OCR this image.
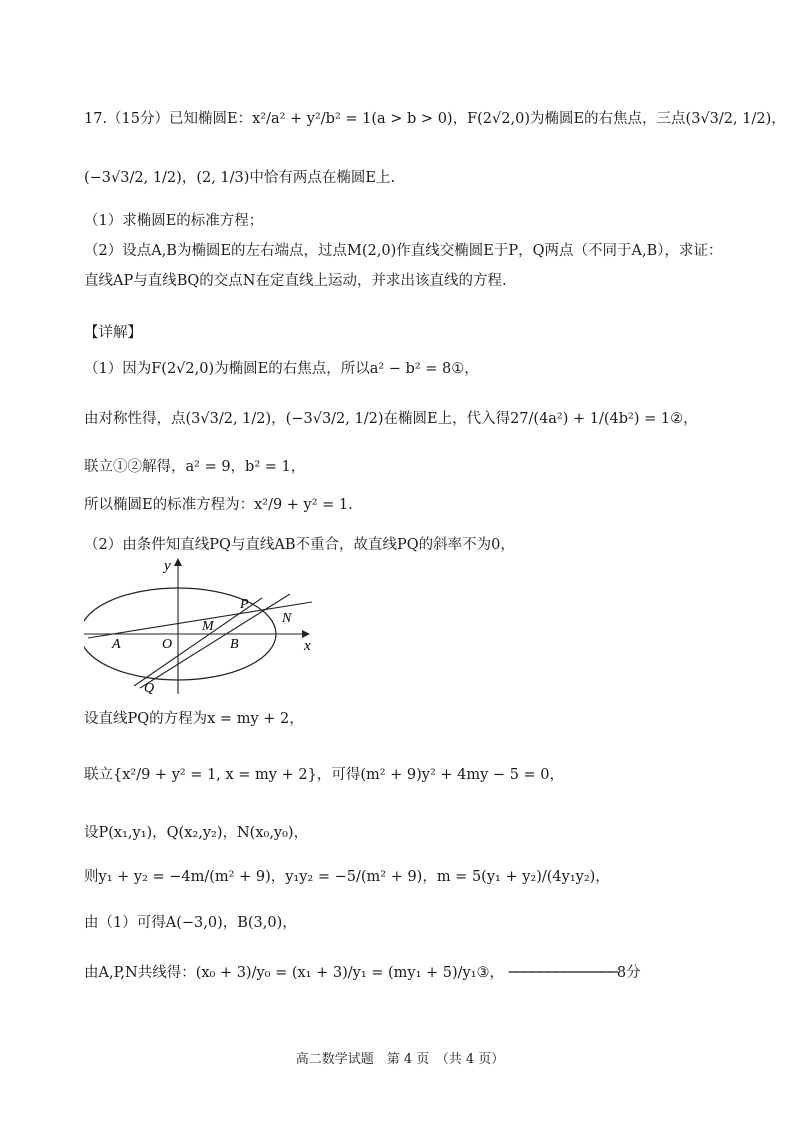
17.（15分）已知椭圆E：x²/a² + y²/b² = 1(a > b > 0)，F(2√2,0)为椭圆E的右焦点，三点(3√3/2, 1/2)，
(−3√3/2, 1/2)，(2, 1/3)中恰有两点在椭圆E上.
（1）求椭圆E的标准方程；
（2）设点A,B为椭圆E的左右端点，过点M(2,0)作直线交椭圆E于P，Q两点（不同于A,B），求证：
直线AP与直线BQ的交点N在定直线上运动，并求出该直线的方程.
【详解】
（1）因为F(2√2,0)为椭圆E的右焦点，所以a² − b² = 8①，
由对称性得，点(3√3/2, 1/2)，(−3√3/2, 1/2)在椭圆E上，代入得27/(4a²) + 1/(4b²) = 1②，
联立①②解得，a² = 9，b² = 1，
所以椭圆E的标准方程为：x²/9 + y² = 1.
（2）由条件知直线PQ与直线AB不重合，故直线PQ的斜率不为0，
y
x
O
A	B
M
P
N
Q
设直线PQ的方程为x = my + 2，
联立{x²/9 + y² = 1, x = my + 2}，可得(m² + 9)y² + 4my − 5 = 0，
设P(x₁,y₁)，Q(x₂,y₂)，N(x₀,y₀)，
则y₁ + y₂ = −4m/(m² + 9)，y₁y₂ = −5/(m² + 9)，m = 5(y₁ + y₂)/(4y₁y₂)，
由（1）可得A(−3,0)，B(3,0)，
由A,P,N共线得：(x₀ + 3)/y₀ = (x₁ + 3)/y₁ = (my₁ + 5)/y₁③， ──────────────8分
高二数学试题　第 4 页　（共 4 页）
